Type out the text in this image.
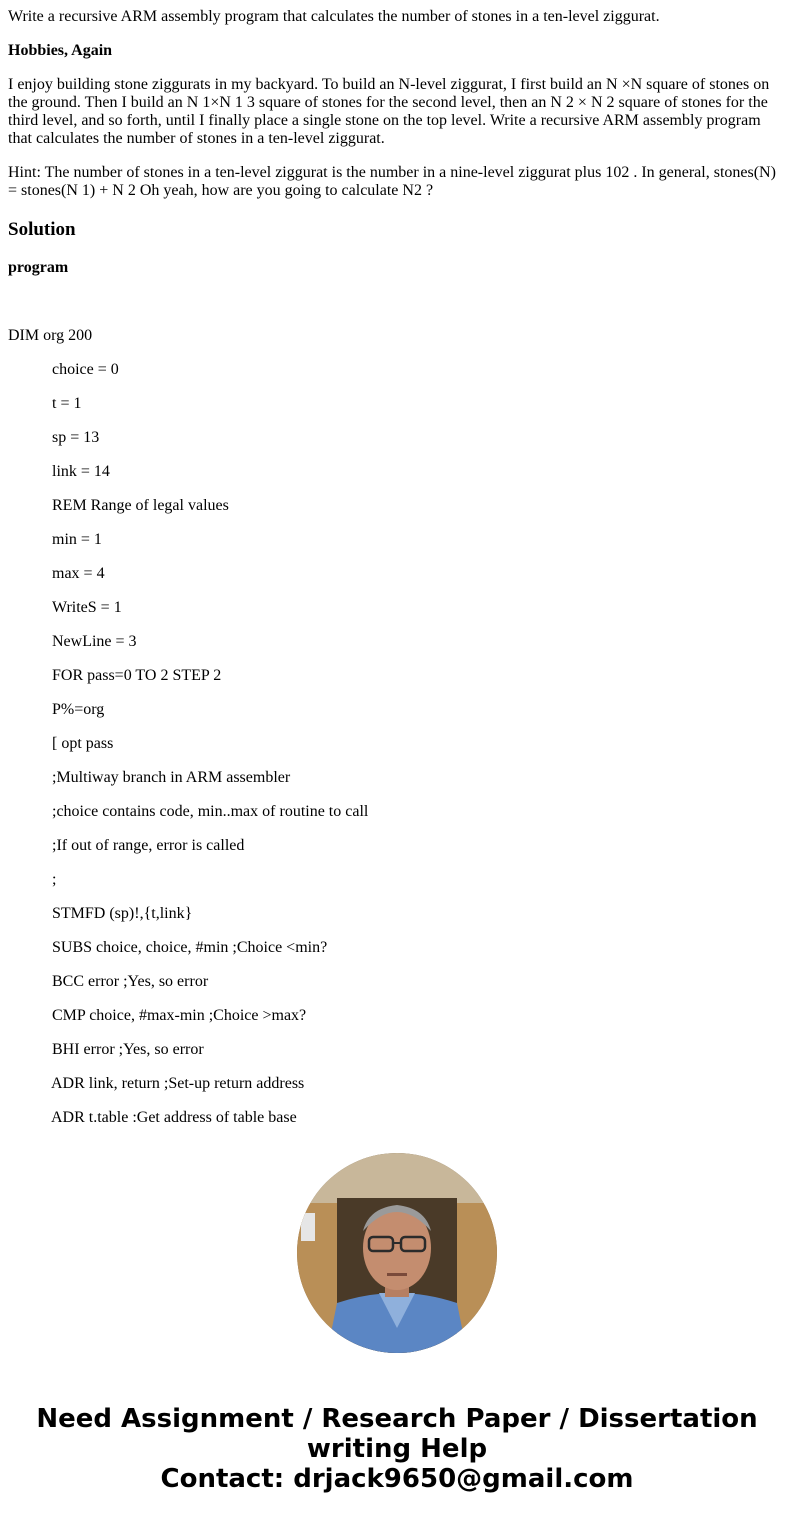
Write a recursive ARM assembly program that calculates the number of stones in a ten-level ziggurat.

Hobbies, Again

I enjoy building stone ziggurats in my backyard. To build an N-level ziggurat, I first build an N ×N square of stones on the ground. Then I build an N 1×N 1 3 square of stones for the second level, then an N 2 × N 2 square of stones for the third level, and so forth, until I finally place a single stone on the top level. Write a recursive ARM assembly program that calculates the number of stones in a ten-level ziggurat.

Hint: The number of stones in a ten-level ziggurat is the number in a nine-level ziggurat plus 102 . In general, stones(N) = stones(N 1) + N 2 Oh yeah, how are you going to calculate N2 ?

Solution

program

DIM org 200

choice = 0

t = 1

sp = 13

link = 14

REM Range of legal values

min = 1

max = 4

WriteS = 1

NewLine = 3

FOR pass=0 TO 2 STEP 2

P%=org

[ opt pass

;Multiway branch in ARM assembler

;choice contains code, min..max of routine to call

;If out of range, error is called

;

STMFD (sp)!,{t,link}

SUBS choice, choice, #min ;Choice <min?

BCC error ;Yes, so error

CMP choice, #max-min ;Choice >max?

BHI error ;Yes, so error

ADR link, return ;Set-up return address

ADR t.table :Get address of table base

Need Assignment / Research Paper / Dissertation
writing Help
Contact: drjack9650@gmail.com
